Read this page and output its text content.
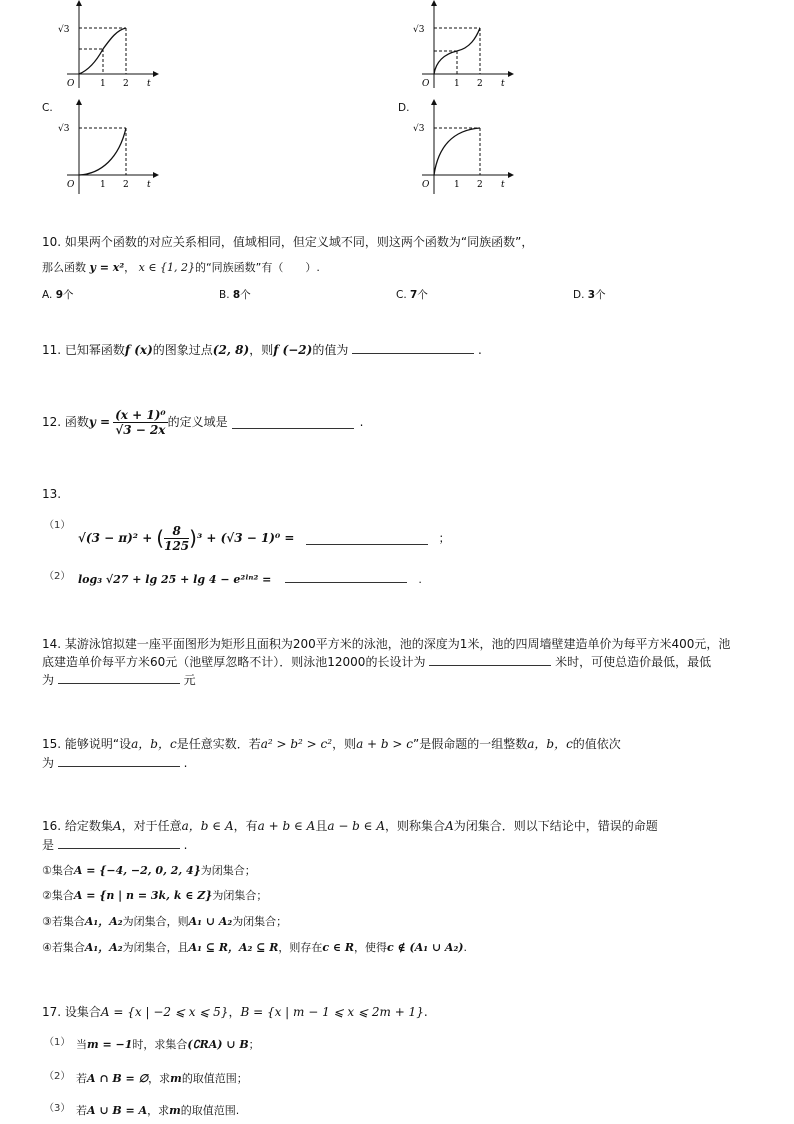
√3
O	1 2 t
√3
O	1 2 t
C.	D.
√3
O	1 2 t
√3
O	1 2 t
10. 如果两个函数的对应关系相同，值域相同，但定义域不同，则这两个函数为“同族函数”，
那么函数 y = x²， x ∈ {1, 2}的“同族函数”有（　　）.
A. 9个	B. 8个	C. 7个	D. 3个
11. 已知幂函数f (x)的图象过点(2, 8)，则f (−2)的值为	.
12. 函数 $y = \frac{\text{(x + 1)⁰}}{√3 - 2x}$ 的定义域是	.
13.
（1）
√(3 − π)² + ( $\frac{8}{125}$ ) ³ + (√3 − 1)⁰ =	；
（2） log₃ √27 + lg 25 + lg 4 − e²ˡⁿ² =	.
14. 某游泳馆拟建一座平面图形为矩形且面积为200平方米的泳池，池的深度为1米，池的四周墙壁建造单价为每平方米400元，池
底建造单价每平方米60元（池壁厚忽略不计）．则泳池12000的长设计为	米时，可使总造价最低，最低
为	元
15. 能够说明“设a，b，c是任意实数．若a² > b² > c²，则a + b > c”是假命题的一组整数a，b，c的值依次
为	.
16. 给定数集A，对于任意a，b ∈ A，有a + b ∈ A且a − b ∈ A，则称集合A为闭集合．则以下结论中，错误的命题
是	.
①集合A = {−4, −2, 0, 2, 4}为闭集合；
②集合A = {n | n = 3k, k ∈ Z}为闭集合；
③若集合A₁，A₂为闭集合，则A₁ ∪ A₂为闭集合；
④若集合A₁，A₂为闭集合，且A₁ ⊆ R，A₂ ⊆ R，则存在c ∈ R，使得c ∉ (A₁ ∪ A₂).
17. 设集合A = {x | −2 ⩽ x ⩽ 5}，B = {x | m − 1 ⩽ x ⩽ 2m + 1}.
（1） 当m = −1时，求集合(∁RA) ∪ B；
（2） 若A ∩ B = ∅，求m的取值范围；
（3） 若A ∪ B = A，求m的取值范围.
